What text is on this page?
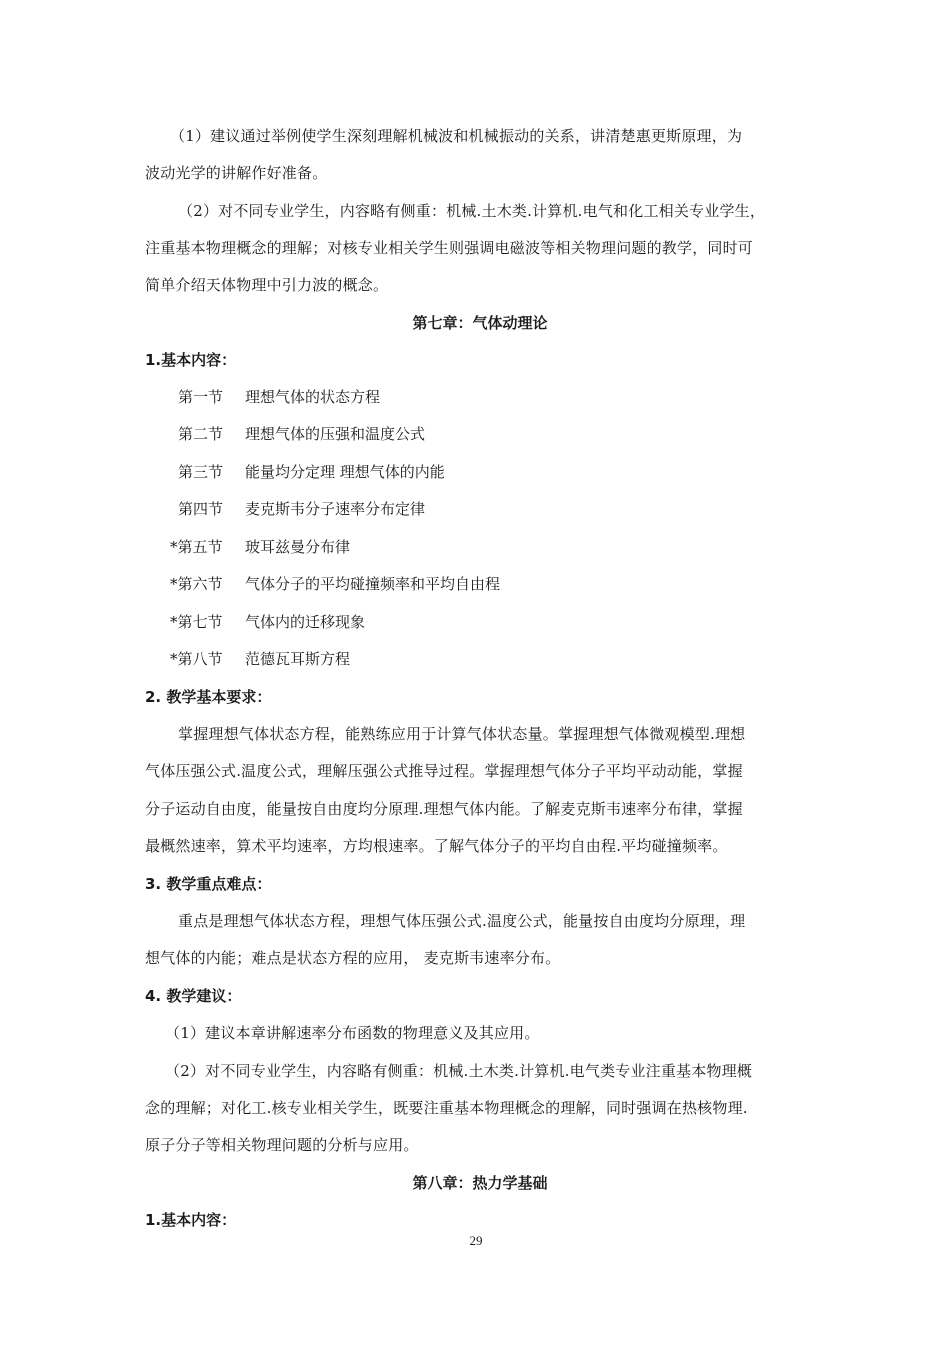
（1）建议通过举例使学生深刻理解机械波和机械振动的关系，讲清楚惠更斯原理，为
波动光学的讲解作好准备。
（2）对不同专业学生，内容略有侧重：机械.土木类.计算机.电气和化工相关专业学生，
注重基本物理概念的理解；对核专业相关学生则强调电磁波等相关物理问题的教学，同时可
简单介绍天体物理中引力波的概念。
第七章：气体动理论
1.基本内容：
第一节 理想气体的状态方程
第二节 理想气体的压强和温度公式
第三节 能量均分定理 理想气体的内能
第四节 麦克斯韦分子速率分布定律
*第五节 玻耳兹曼分布律
*第六节 气体分子的平均碰撞频率和平均自由程
*第七节 气体内的迁移现象
*第八节 范德瓦耳斯方程
2. 教学基本要求：
掌握理想气体状态方程，能熟练应用于计算气体状态量。掌握理想气体微观模型.理想
气体压强公式.温度公式，理解压强公式推导过程。掌握理想气体分子平均平动动能，掌握
分子运动自由度，能量按自由度均分原理.理想气体内能。了解麦克斯韦速率分布律，掌握
最概然速率，算术平均速率，方均根速率。了解气体分子的平均自由程.平均碰撞频率。
3. 教学重点难点：
重点是理想气体状态方程，理想气体压强公式.温度公式，能量按自由度均分原理，理
想气体的内能；难点是状态方程的应用， 麦克斯韦速率分布。
4. 教学建议：
（1）建议本章讲解速率分布函数的物理意义及其应用。
（2）对不同专业学生，内容略有侧重：机械.土木类.计算机.电气类专业注重基本物理概
念的理解；对化工.核专业相关学生，既要注重基本物理概念的理解，同时强调在热核物理.
原子分子等相关物理问题的分析与应用。
第八章：热力学基础
1.基本内容：
29
